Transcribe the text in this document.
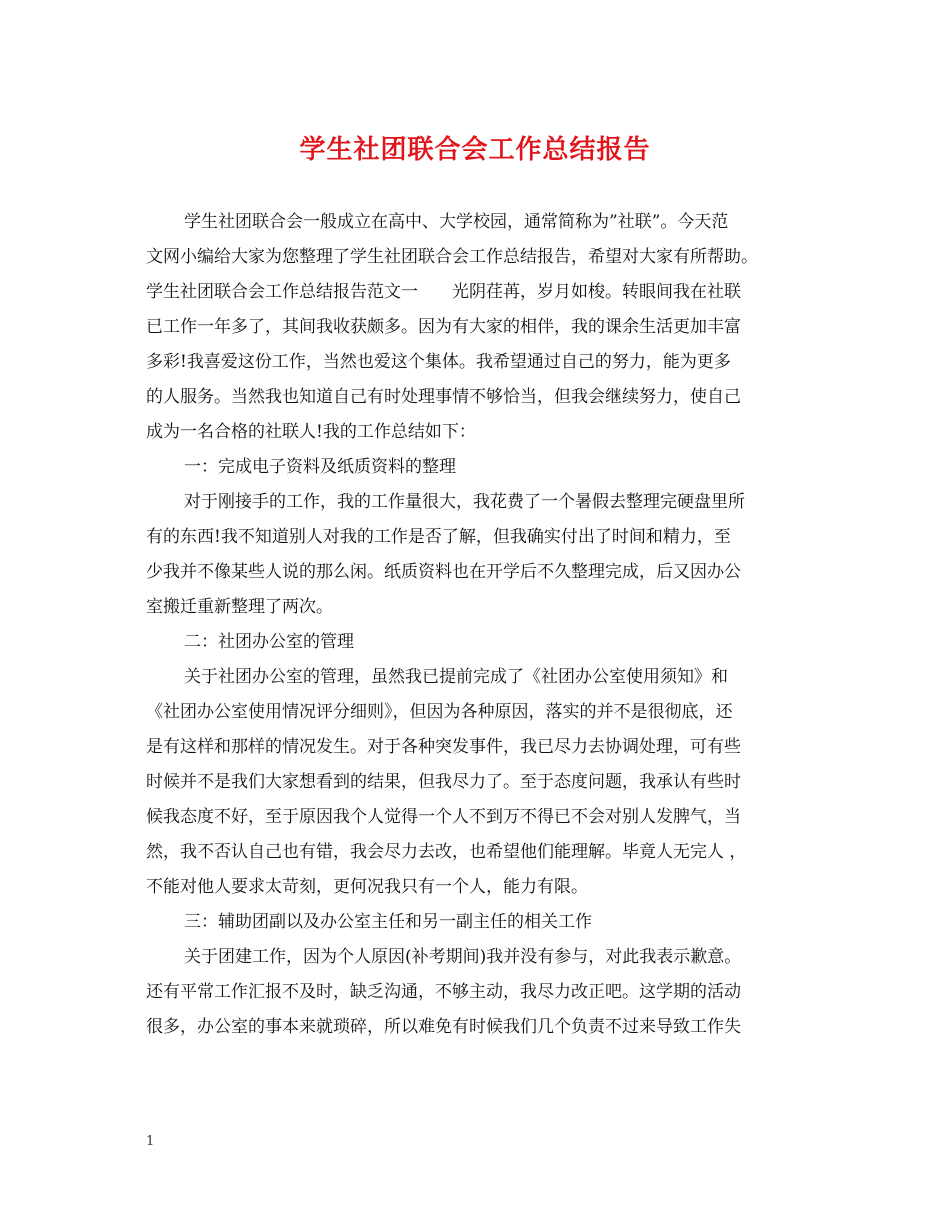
学生社团联合会工作总结报告
学生社团联合会一般成立在高中、大学校园，通常简称为”社联”。今天范
文网小编给大家为您整理了学生社团联合会工作总结报告，希望对大家有所帮助。
学生社团联合会工作总结报告范文一　　光阴荏苒，岁月如梭。转眼间我在社联
已工作一年多了，其间我收获颇多。因为有大家的相伴，我的课余生活更加丰富
多彩!我喜爱这份工作，当然也爱这个集体。我希望通过自己的努力，能为更多
的人服务。当然我也知道自己有时处理事情不够恰当，但我会继续努力，使自己
成为一名合格的社联人!我的工作总结如下：
一：完成电子资料及纸质资料的整理
对于刚接手的工作，我的工作量很大，我花费了一个暑假去整理完硬盘里所
有的东西!我不知道别人对我的工作是否了解，但我确实付出了时间和精力，至
少我并不像某些人说的那么闲。纸质资料也在开学后不久整理完成，后又因办公
室搬迁重新整理了两次。
二：社团办公室的管理
关于社团办公室的管理，虽然我已提前完成了《社团办公室使用须知》和
《社团办公室使用情况评分细则》，但因为各种原因，落实的并不是很彻底，还
是有这样和那样的情况发生。对于各种突发事件，我已尽力去协调处理，可有些
时候并不是我们大家想看到的结果，但我尽力了。至于态度问题，我承认有些时
候我态度不好，至于原因我个人觉得一个人不到万不得已不会对别人发脾气，当
然，我不否认自己也有错，我会尽力去改，也希望他们能理解。毕竟人无完人 ，
不能对他人要求太苛刻，更何况我只有一个人，能力有限。
三：辅助团副以及办公室主任和另一副主任的相关工作
关于团建工作，因为个人原因(补考期间)我并没有参与，对此我表示歉意。
还有平常工作汇报不及时，缺乏沟通，不够主动，我尽力改正吧。这学期的活动
很多，办公室的事本来就琐碎，所以难免有时候我们几个负责不过来导致工作失
1
